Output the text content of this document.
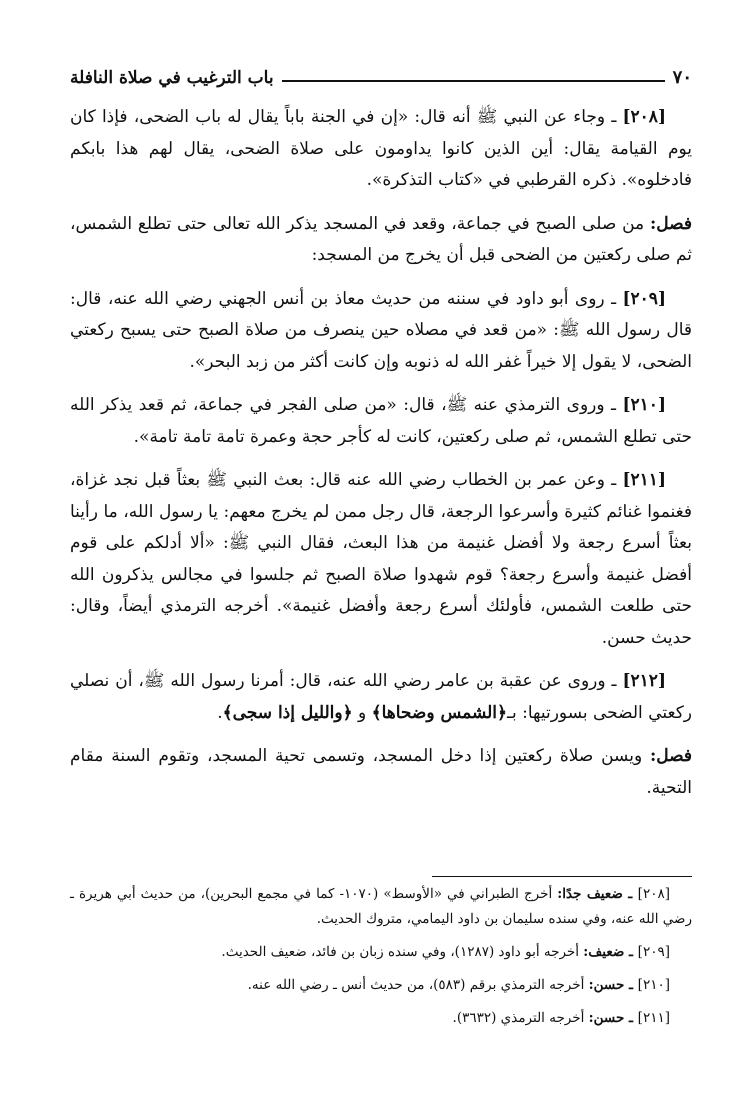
٧٠
باب الترغيب في صلاة النافلة

[٢٠٨] ـ وجاء عن النبي ﷺ أنه قال: «إن في الجنة باباً يقال له باب الضحى، فإذا كان يوم القيامة يقال: أين الذين كانوا يداومون على صلاة الضحى، يقال لهم هذا بابكم فادخلوه». ذكره القرطبي في «كتاب التذكرة».

فصل: من صلى الصبح في جماعة، وقعد في المسجد يذكر الله تعالى حتى تطلع الشمس، ثم صلى ركعتين من الضحى قبل أن يخرج من المسجد:

[٢٠٩] ـ روى أبو داود في سننه من حديث معاذ بن أنس الجهني رضي الله عنه، قال: قال رسول الله ﷺ: «من قعد في مصلاه حين ينصرف من صلاة الصبح حتى يسبح ركعتي الضحى، لا يقول إلا خيراً غفر الله له ذنوبه وإن كانت أكثر من زبد البحر».

[٢١٠] ـ وروى الترمذي عنه ﷺ، قال: «من صلى الفجر في جماعة، ثم قعد يذكر الله حتى تطلع الشمس، ثم صلى ركعتين، كانت له كأجر حجة وعمرة تامة تامة تامة».

[٢١١] ـ وعن عمر بن الخطاب رضي الله عنه قال: بعث النبي ﷺ بعثاً قبل نجد غزاة، فغنموا غنائم كثيرة وأسرعوا الرجعة، قال رجل ممن لم يخرج معهم: يا رسول الله، ما رأينا بعثاً أسرع رجعة ولا أفضل غنيمة من هذا البعث، فقال النبي ﷺ: «ألا أدلكم على قوم أفضل غنيمة وأسرع رجعة؟ قوم شهدوا صلاة الصبح ثم جلسوا في مجالس يذكرون الله حتى طلعت الشمس، فأولئك أسرع رجعة وأفضل غنيمة». أخرجه الترمذي أيضاً، وقال: حديث حسن.

[٢١٢] ـ وروى عن عقبة بن عامر رضي الله عنه، قال: أمرنا رسول الله ﷺ، أن نصلي ركعتي الضحى بسورتيها: بـ﴿الشمس وضحاها﴾ و ﴿والليل إذا سجى﴾.

فصل: ويسن صلاة ركعتين إذا دخل المسجد، وتسمى تحية المسجد، وتقوم السنة مقام التحية.

[٢٠٨] ـ ضعيف جدًا: أخرج الطبراني في «الأوسط» (١٠٧٠- كما في مجمع البحرين)، من حديث أبي هريرة ـ رضي الله عنه، وفي سنده سليمان بن داود اليمامي، متروك الحديث.

[٢٠٩] ـ ضعيف: أخرجه أبو داود (١٢٨٧)، وفي سنده زبان بن فائد، ضعيف الحديث.

[٢١٠] ـ حسن: أخرجه الترمذي برقم (٥٨٣)، من حديث أنس ـ رضي الله عنه.

[٢١١] ـ حسن: أخرجه الترمذي (٣٦٣٢).
